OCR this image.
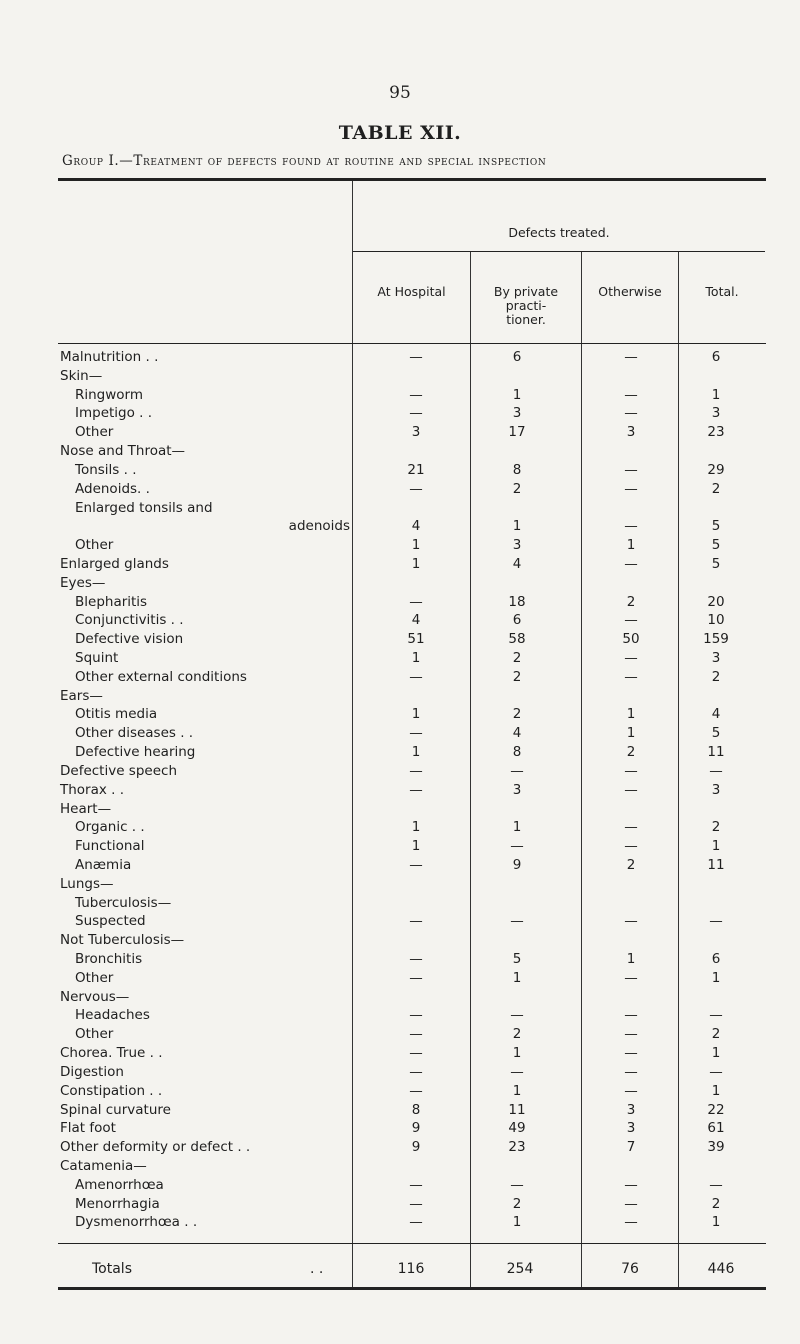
95
TABLE XII.
Group I.—Treatment of defects found at routine and special inspection
Defects treated.
At Hospital	By private practi- tioner.
Otherwise	Total.
Malnutrition . .	—	6	—	6
Skin—
Ringworm	—	1	—	1
Impetigo . .	—	3	—	3
Other	3	17	3	23
Nose and Throat—
Tonsils . .	21	8	—	29
Adenoids. .	—	2	—	2
Enlarged tonsils and
adenoids	4	1	—	5
Other	1	3	1	5
Enlarged glands	1	4	—	5
Eyes—
Blepharitis	—	18	2	20
Conjunctivitis . .	4	6	—	10
Defective vision	51	58	50	159
Squint	1	2	—	3
Other external conditions	—	2	—	2
Ears—
Otitis media	1	2	1	4
Other diseases . .	—	4	1	5
Defective hearing	1	8	2	11
Defective speech	—	—	—	—
Thorax . .	—	3	—	3
Heart—
Organic . .	1	1	—	2
Functional	1	—	—	1
Anæmia	—	9	2	11
Lungs—
Tuberculosis—
Suspected	—	—	—	—
Not Tuberculosis—
Bronchitis	—	5	1	6
Other	—	1	—	1
Nervous—
Headaches	—	—	—	—
Other	—	2	—	2
Chorea. True . .	—	1	—	1
Digestion	—	—	—	—
Constipation . .	—	1	—	1
Spinal curvature	8	11	3	22
Flat foot	9	49	3	61
Other deformity or defect . .	9	23	7	39
Catamenia—
Amenorrhœa	—	—	—	—
Menorrhagia	—	2	—	2
Dysmenorrhœa . .	—	1	—	1
Totals	. .	116	254	76	446
